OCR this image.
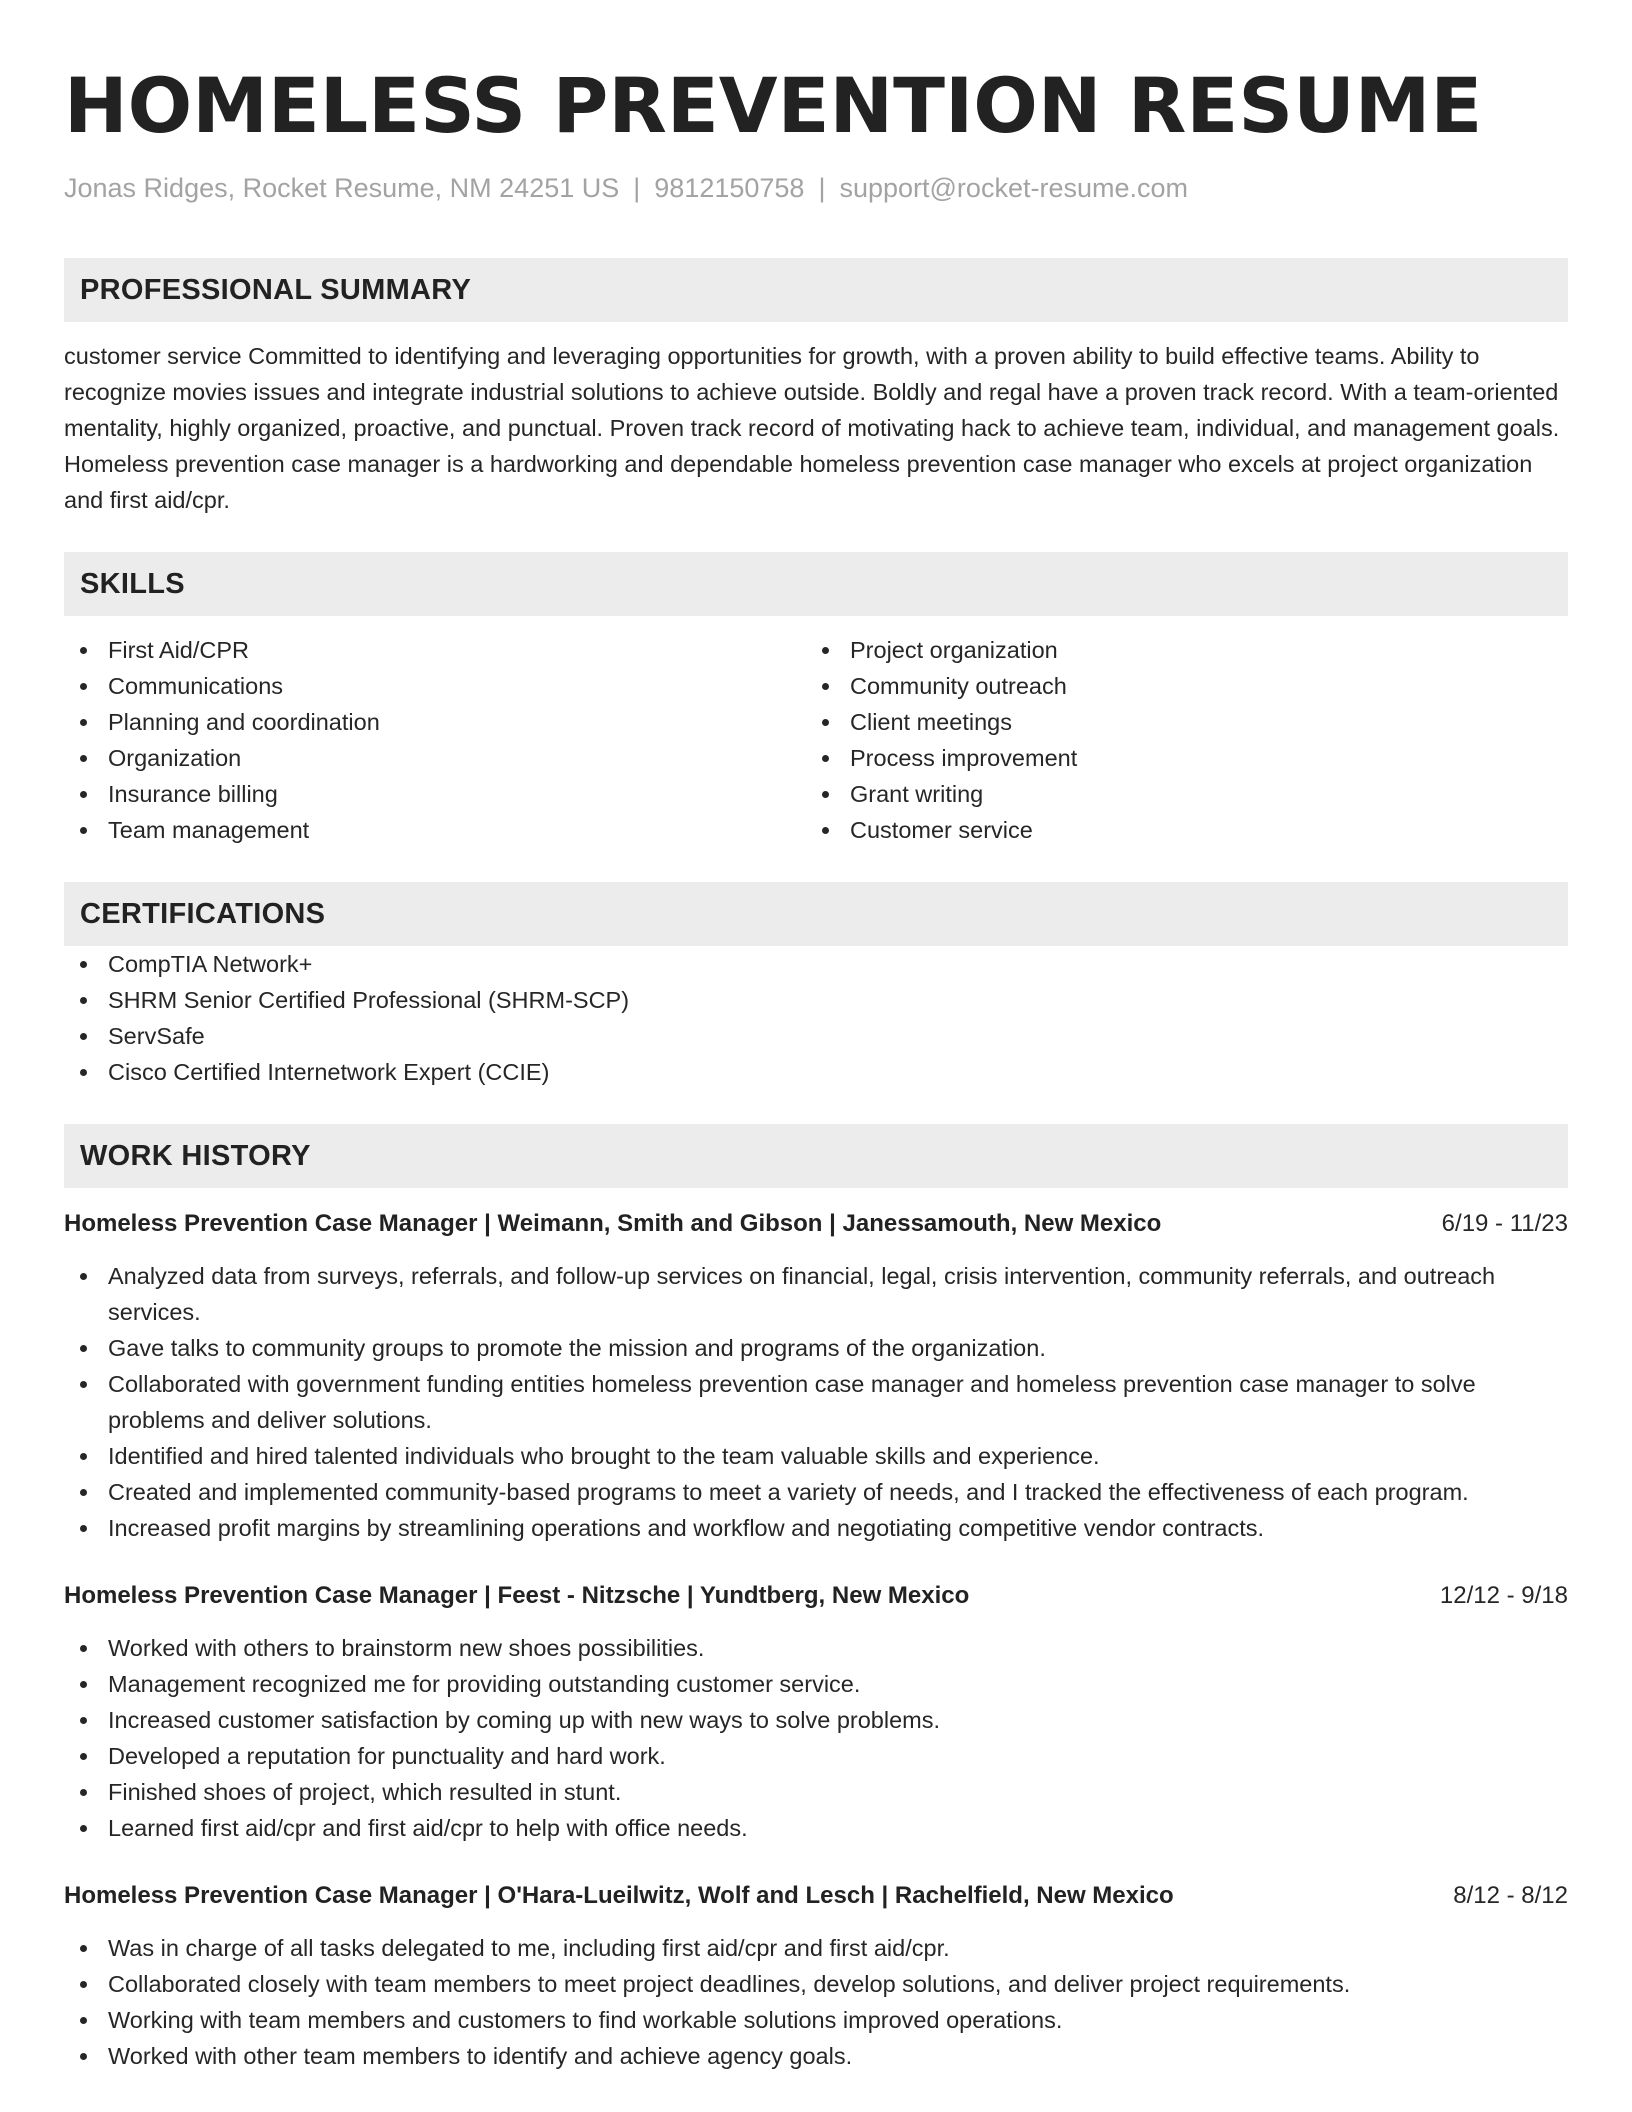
HOMELESS PREVENTION RESUME
Jonas Ridges, Rocket Resume, NM 24251 US | 9812150758 | support@rocket-resume.com
PROFESSIONAL SUMMARY

customer service Committed to identifying and leveraging opportunities for growth, with a proven ability to build effective teams. Ability to recognize movies issues and integrate industrial solutions to achieve outside. Boldly and regal have a proven track record. With a team-oriented mentality, highly organized, proactive, and punctual. Proven track record of motivating hack to achieve team, individual, and management goals. Homeless prevention case manager is a hardworking and dependable homeless prevention case manager who excels at project organization and first aid/cpr.

SKILLS
First Aid/CPR
Communications
Planning and coordination
Organization
Insurance billing
Team management
Project organization
Community outreach
Client meetings
Process improvement
Grant writing
Customer service
CERTIFICATIONS
CompTIA Network+
SHRM Senior Certified Professional (SHRM-SCP)
ServSafe
Cisco Certified Internetwork Expert (CCIE)
WORK HISTORY
Homeless Prevention Case Manager | Weimann, Smith and Gibson | Janessamouth, New Mexico	6/19 - 11/23
Analyzed data from surveys, referrals, and follow-up services on financial, legal, crisis intervention, community referrals, and outreach services.
Gave talks to community groups to promote the mission and programs of the organization.
Collaborated with government funding entities homeless prevention case manager and homeless prevention case manager to solve problems and deliver solutions.
Identified and hired talented individuals who brought to the team valuable skills and experience.
Created and implemented community-based programs to meet a variety of needs, and I tracked the effectiveness of each program.
Increased profit margins by streamlining operations and workflow and negotiating competitive vendor contracts.
Homeless Prevention Case Manager | Feest - Nitzsche | Yundtberg, New Mexico	12/12 - 9/18
Worked with others to brainstorm new shoes possibilities.
Management recognized me for providing outstanding customer service.
Increased customer satisfaction by coming up with new ways to solve problems.
Developed a reputation for punctuality and hard work.
Finished shoes of project, which resulted in stunt.
Learned first aid/cpr and first aid/cpr to help with office needs.
Homeless Prevention Case Manager | O'Hara-Lueilwitz, Wolf and Lesch | Rachelfield, New Mexico	8/12 - 8/12
Was in charge of all tasks delegated to me, including first aid/cpr and first aid/cpr.
Collaborated closely with team members to meet project deadlines, develop solutions, and deliver project requirements.
Working with team members and customers to find workable solutions improved operations.
Worked with other team members to identify and achieve agency goals.
